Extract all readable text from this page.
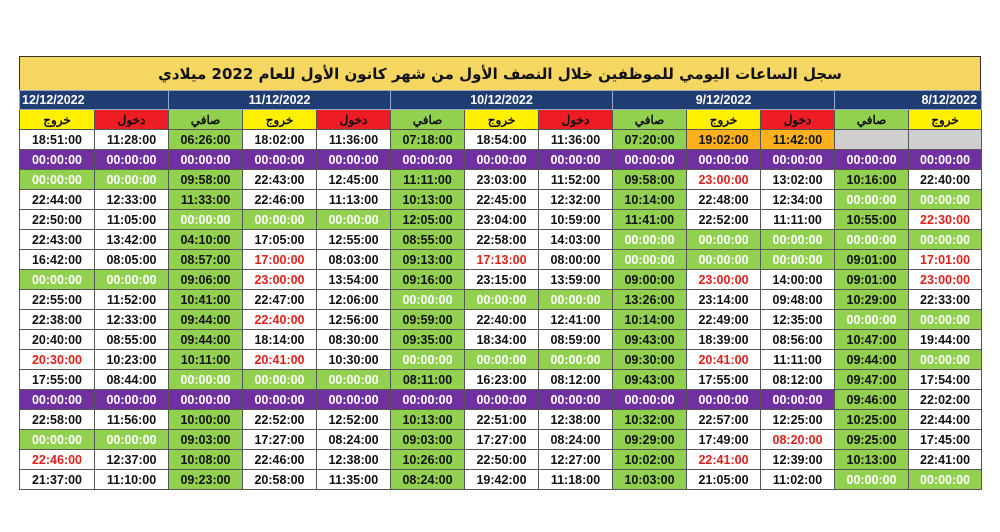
سجل الساعات اليومي للموظفين خلال النصف الأول من شهر كانون الأول للعام 2022 ميلادي
12/12/2022		11/12/2022			10/12/2022			9/12/2022			8/12/2022	
خروج	دخول	صافي	خروج	دخول	صافي	خروج	دخول	صافي	خروج	دخول	صافي	خروج
18:51:00	11:28:00	06:26:00	18:02:00	11:36:00	07:18:00	18:54:00	11:36:00	07:20:00	19:02:00	11:42:00		
00:00:00	00:00:00	00:00:00	00:00:00	00:00:00	00:00:00	00:00:00	00:00:00	00:00:00	00:00:00	00:00:00	00:00:00	00:00:00
00:00:00	00:00:00	09:58:00	22:43:00	12:45:00	11:11:00	23:03:00	11:52:00	09:58:00	23:00:00	13:02:00	10:16:00	22:40:00
22:44:00	12:33:00	11:33:00	22:46:00	11:13:00	10:13:00	22:45:00	12:32:00	10:14:00	22:48:00	12:34:00	00:00:00	00:00:00
22:50:00	11:05:00	00:00:00	00:00:00	00:00:00	12:05:00	23:04:00	10:59:00	11:41:00	22:52:00	11:11:00	10:55:00	22:30:00
22:43:00	13:42:00	04:10:00	17:05:00	12:55:00	08:55:00	22:58:00	14:03:00	00:00:00	00:00:00	00:00:00	00:00:00	00:00:00
16:42:00	08:05:00	08:57:00	17:00:00	08:03:00	09:13:00	17:13:00	08:00:00	00:00:00	00:00:00	00:00:00	09:01:00	17:01:00
00:00:00	00:00:00	09:06:00	23:00:00	13:54:00	09:16:00	23:15:00	13:59:00	09:00:00	23:00:00	14:00:00	09:01:00	23:00:00
22:55:00	11:52:00	10:41:00	22:47:00	12:06:00	00:00:00	00:00:00	00:00:00	13:26:00	23:14:00	09:48:00	10:29:00	22:33:00
22:38:00	12:33:00	09:44:00	22:40:00	12:56:00	09:59:00	22:40:00	12:41:00	10:14:00	22:49:00	12:35:00	00:00:00	00:00:00
20:40:00	08:55:00	09:44:00	18:14:00	08:30:00	09:35:00	18:34:00	08:59:00	09:43:00	18:39:00	08:56:00	10:47:00	19:44:00
20:30:00	10:23:00	10:11:00	20:41:00	10:30:00	00:00:00	00:00:00	00:00:00	09:30:00	20:41:00	11:11:00	09:44:00	00:00:00
17:55:00	08:44:00	00:00:00	00:00:00	00:00:00	08:11:00	16:23:00	08:12:00	09:43:00	17:55:00	08:12:00	09:47:00	17:54:00
00:00:00	00:00:00	00:00:00	00:00:00	00:00:00	00:00:00	00:00:00	00:00:00	00:00:00	00:00:00	00:00:00	09:46:00	22:02:00
22:58:00	11:56:00	10:00:00	22:52:00	12:52:00	10:13:00	22:51:00	12:38:00	10:32:00	22:57:00	12:25:00	10:25:00	22:44:00
00:00:00	00:00:00	09:03:00	17:27:00	08:24:00	09:03:00	17:27:00	08:24:00	09:29:00	17:49:00	08:20:00	09:25:00	17:45:00
22:46:00	12:37:00	10:08:00	22:46:00	12:38:00	10:26:00	22:50:00	12:27:00	10:02:00	22:41:00	12:39:00	10:13:00	22:41:00
21:37:00	11:10:00	09:23:00	20:58:00	11:35:00	08:24:00	19:42:00	11:18:00	10:03:00	21:05:00	11:02:00	00:00:00	00:00:00
